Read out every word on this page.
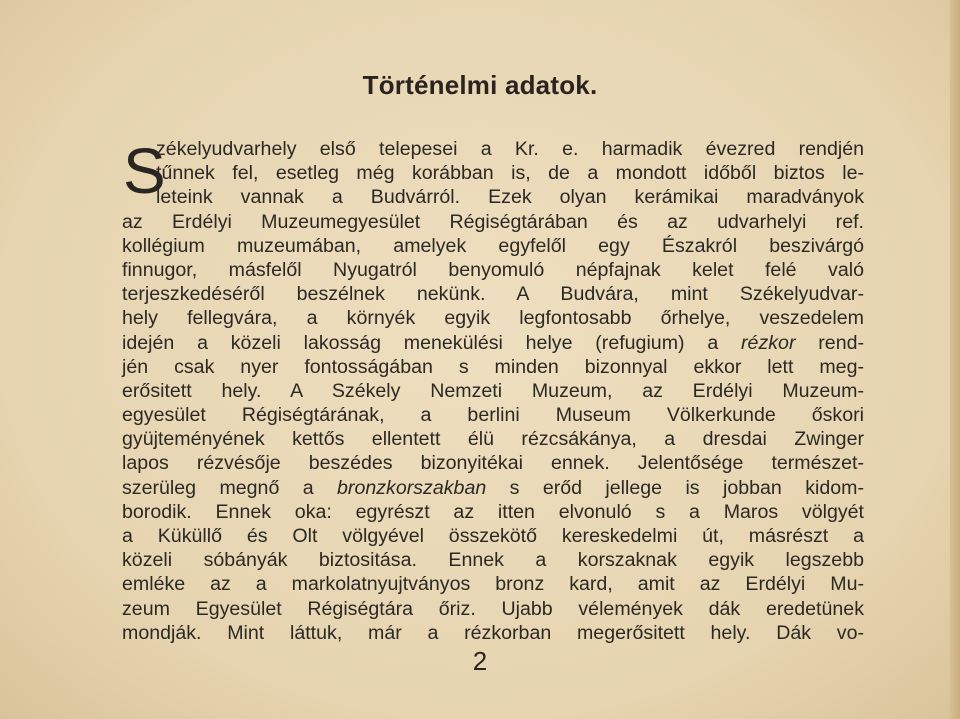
Történelmi adatok.
S
zékelyudvarhely első telepesei a Kr. e. harmadik évezred rendjén
tűnnek fel, esetleg még korábban is, de a mondott időből biztos le-
leteink vannak a Budvárról. Ezek olyan kerámikai maradványok
az Erdélyi Muzeumegyesület Régiségtárában és az udvarhelyi ref.
kollégium muzeumában, amelyek egyfelől egy Északról beszivárgó
finnugor, másfelől Nyugatról benyomuló népfajnak kelet felé való
terjeszkedéséről beszélnek nekünk. A Budvára, mint Székelyudvar-
hely fellegvára, a környék egyik legfontosabb őrhelye, veszedelem
idején a közeli lakosság menekülési helye (refugium) a rézkor rend-
jén csak nyer fontosságában s minden bizonnyal ekkor lett meg-
erősitett hely. A Székely Nemzeti Muzeum, az Erdélyi Muzeum-
egyesület Régiségtárának, a berlini Museum Völkerkunde őskori
gyüjteményének kettős ellentett élü rézcsákánya, a dresdai Zwinger
lapos rézvésője beszédes bizonyitékai ennek. Jelentősége természet-
szerüleg megnő a bronzkorszakban s erőd jellege is jobban kidom-
borodik. Ennek oka: egyrészt az itten elvonuló s a Maros völgyét
a Küküllő és Olt völgyével összekötő kereskedelmi út, másrészt a
közeli sóbányák biztositása. Ennek a korszaknak egyik legszebb
emléke az a markolatnyujtványos bronz kard, amit az Erdélyi Mu-
zeum Egyesület Régiségtára őriz. Ujabb vélemények dák eredetünek
mondják. Mint láttuk, már a rézkorban megerősitett hely. Dák vo-
2
